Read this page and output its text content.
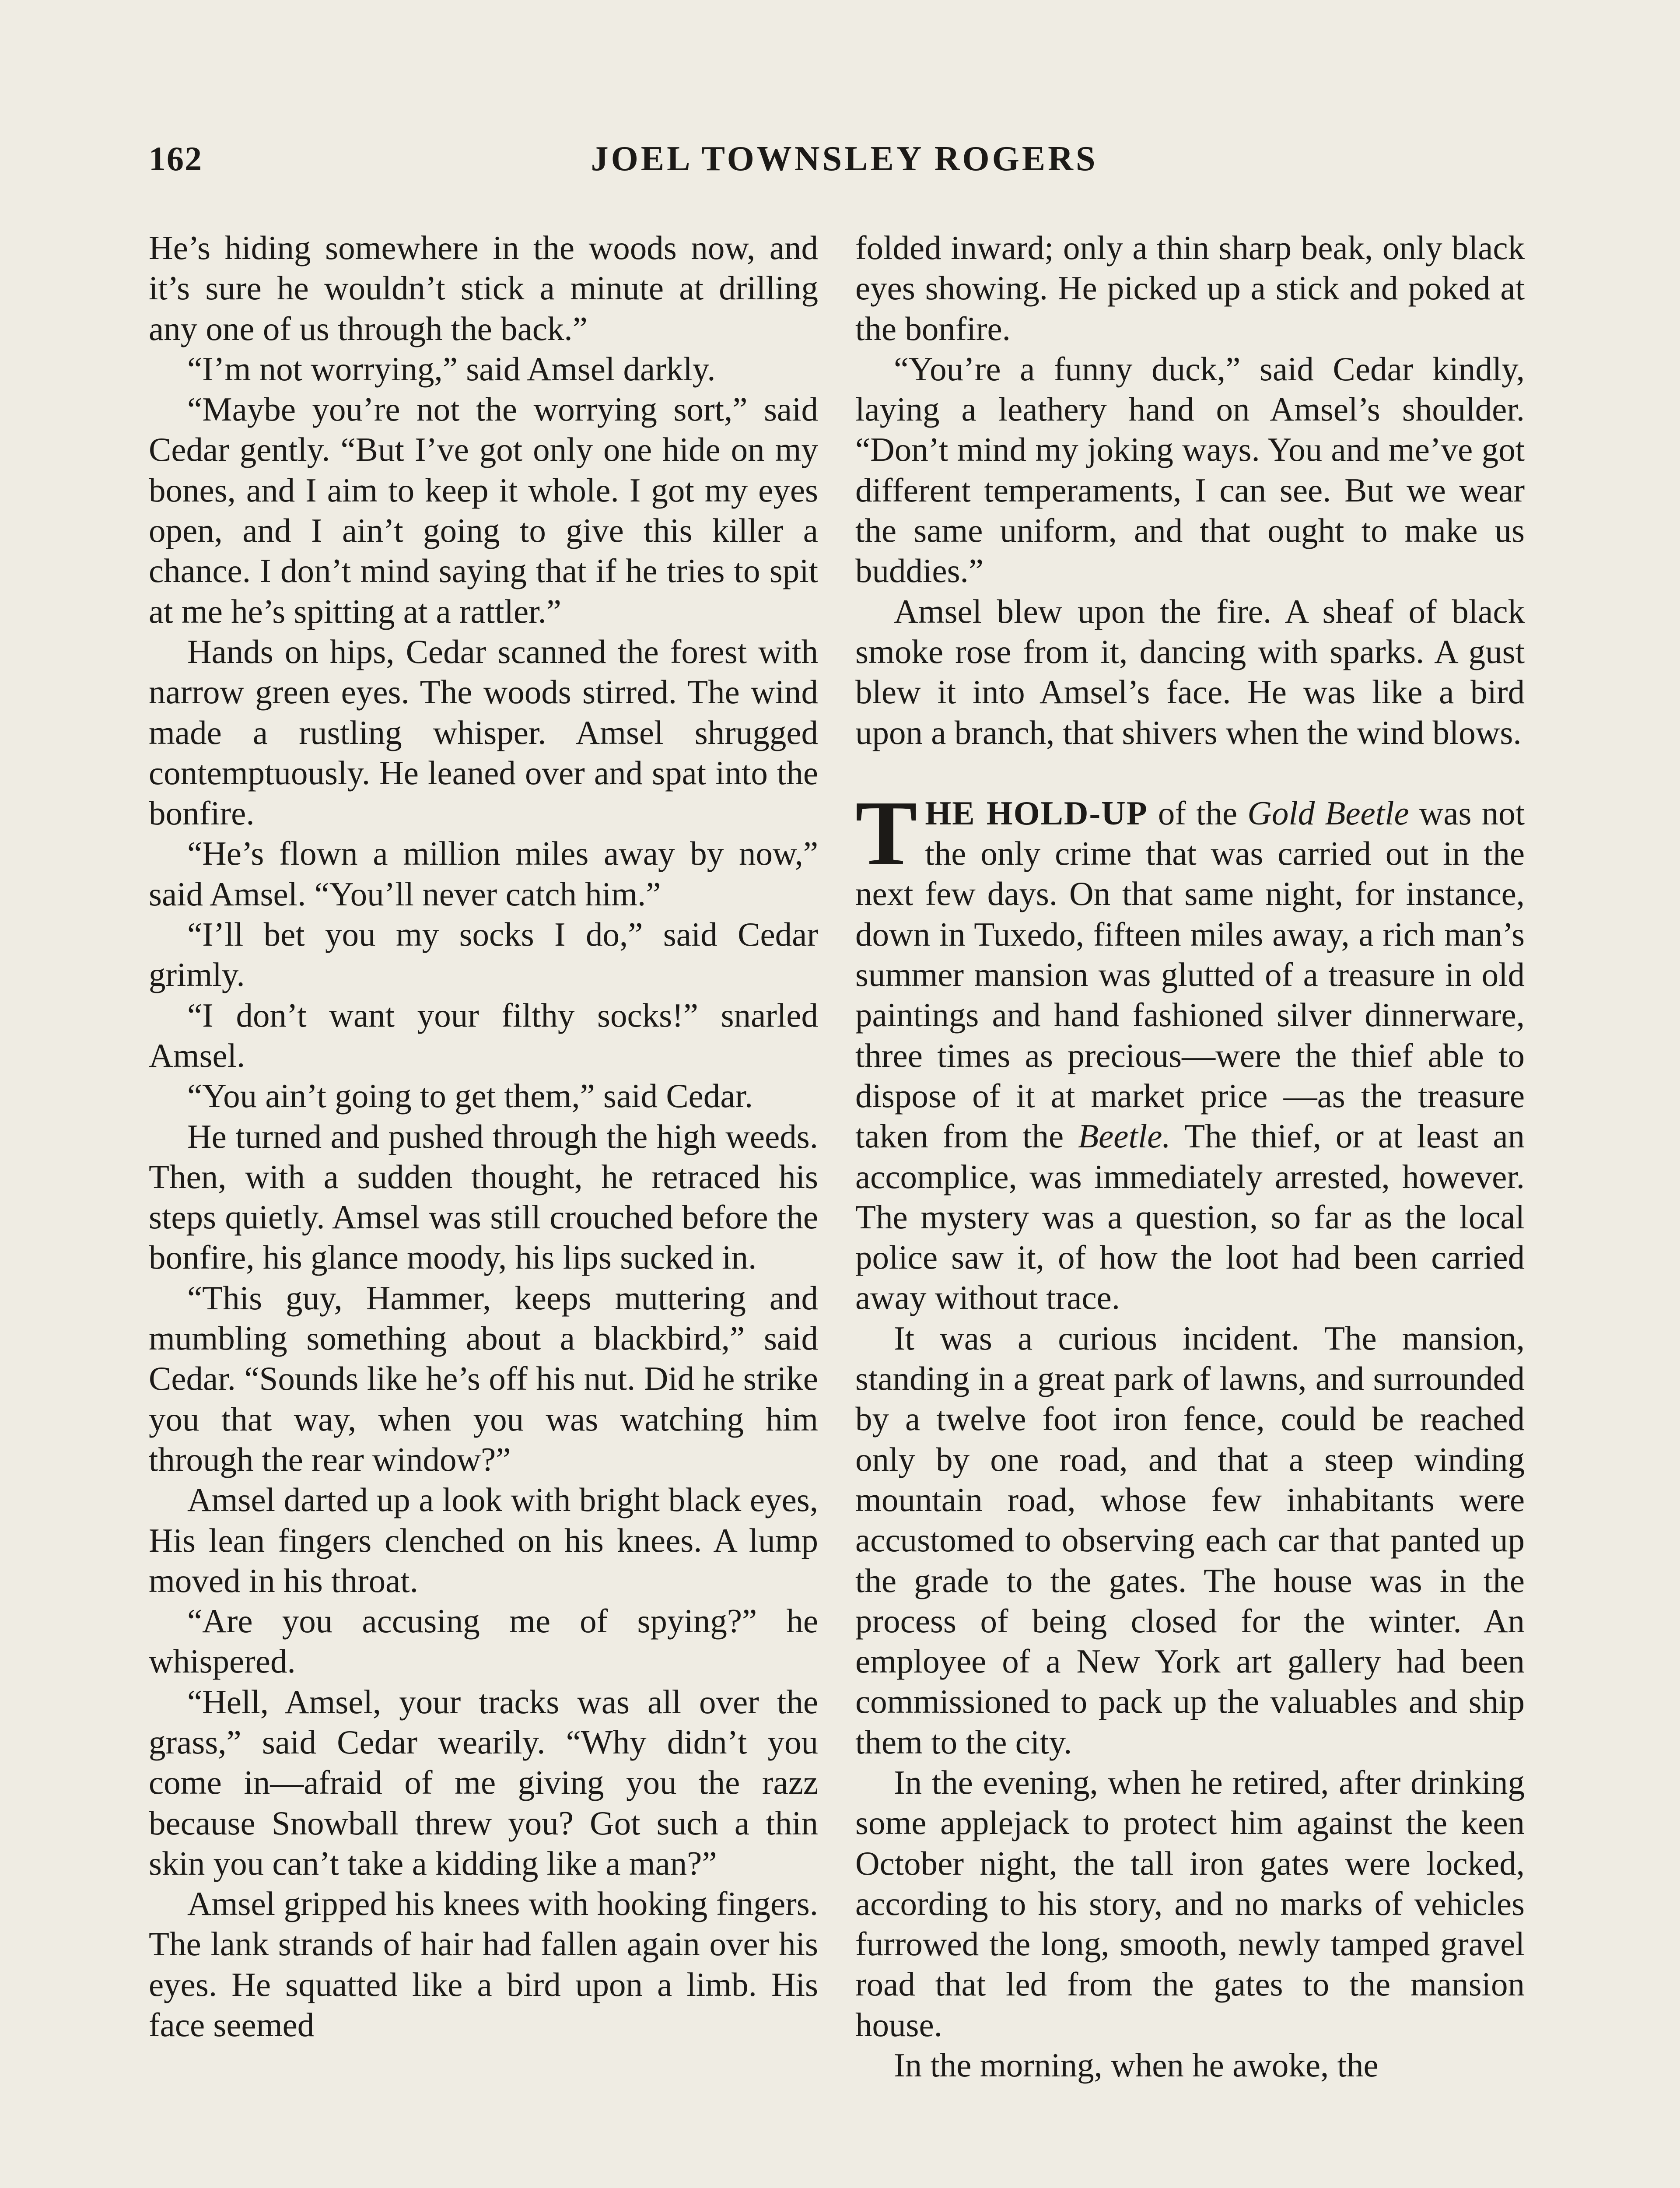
162	JOEL TOWNSLEY ROGERS

He’s hiding somewhere in the woods now, and it’s sure he wouldn’t stick a minute at drilling any one of us through the back.”

“I’m not worrying,” said Amsel darkly.

“Maybe you’re not the worrying sort,” said Cedar gently. “But I’ve got only one hide on my bones, and I aim to keep it whole. I got my eyes open, and I ain’t going to give this killer a chance. I don’t mind saying that if he tries to spit at me he’s spitting at a rattler.”

Hands on hips, Cedar scanned the forest with narrow green eyes. The woods stirred. The wind made a rustling whisper. Amsel shrugged contemptuously. He leaned over and spat into the bonfire.

“He’s flown a million miles away by now,” said Amsel. “You’ll never catch him.”

“I’ll bet you my socks I do,” said Cedar grimly.

“I don’t want your filthy socks!” snarled Amsel.

“You ain’t going to get them,” said Cedar.

He turned and pushed through the high weeds. Then, with a sudden thought, he retraced his steps quietly. Amsel was still crouched before the bonfire, his glance moody, his lips sucked in.

“This guy, Hammer, keeps muttering and mumbling something about a blackbird,” said Cedar. “Sounds like he’s off his nut. Did he strike you that way, when you was watching him through the rear window?”

Amsel darted up a look with bright black eyes, His lean fingers clenched on his knees. A lump moved in his throat.

“Are you accusing me of spying?” he whispered.

“Hell, Amsel, your tracks was all over the grass,” said Cedar wearily. “Why didn’t you come in—afraid of me giving you the razz because Snowball threw you? Got such a thin skin you can’t take a kidding like a man?”

Amsel gripped his knees with hooking fingers. The lank strands of hair had fallen again over his eyes. He squatted like a bird upon a limb. His face seemed

folded inward; only a thin sharp beak, only black eyes showing. He picked up a stick and poked at the bonfire.

“You’re a funny duck,” said Cedar kindly, laying a leathery hand on Amsel’s shoulder. “Don’t mind my joking ways. You and me’ve got different temperaments, I can see. But we wear the same uniform, and that ought to make us buddies.”

Amsel blew upon the fire. A sheaf of black smoke rose from it, dancing with sparks. A gust blew it into Amsel’s face. He was like a bird upon a branch, that shivers when the wind blows.

THE HOLD-UP of the Gold Beetle was not the only crime that was carried out in the next few days. On that same night, for instance, down in Tuxedo, fifteen miles away, a rich man’s summer mansion was glutted of a treasure in old paintings and hand fashioned silver dinnerware, three times as precious—were the thief able to dispose of it at market price —as the treasure taken from the Beetle. The thief, or at least an accomplice, was immediately arrested, however. The mystery was a question, so far as the local police saw it, of how the loot had been carried away without trace.

It was a curious incident. The mansion, standing in a great park of lawns, and surrounded by a twelve foot iron fence, could be reached only by one road, and that a steep winding mountain road, whose few inhabitants were accustomed to observing each car that panted up the grade to the gates. The house was in the process of being closed for the winter. An employee of a New York art gallery had been commissioned to pack up the valuables and ship them to the city.

In the evening, when he retired, after drinking some applejack to protect him against the keen October night, the tall iron gates were locked, according to his story, and no marks of vehicles furrowed the long, smooth, newly tamped gravel road that led from the gates to the mansion house.

In the morning, when he awoke, the
